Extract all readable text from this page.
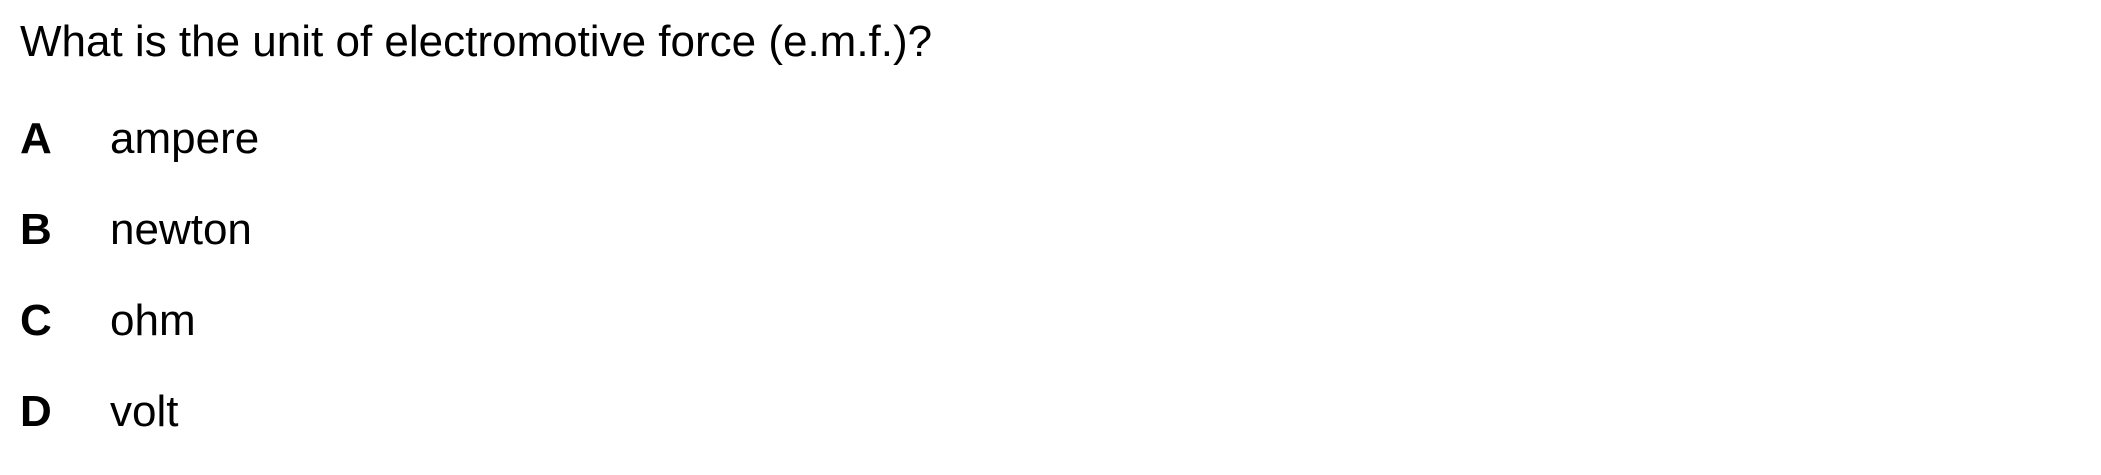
What is the unit of electromotive force (e.m.f.)?
A	ampere
B	newton
C	ohm
D	volt
